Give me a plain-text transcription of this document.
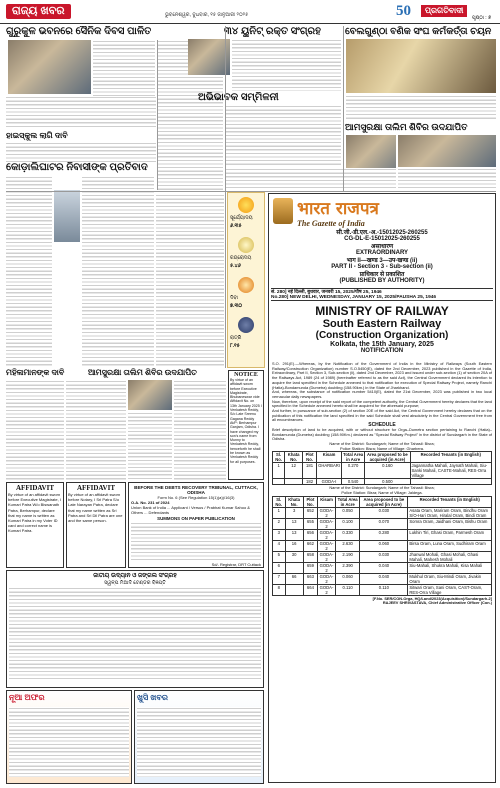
ରାଜ୍ୟ ଖବର	ଭୁବନେଶ୍ୱର, ବୁଧବାର, ୧୫ ଜାନୁଆରୀ ୨୦୨୫	50	ପ୍ରଗତିବାଦୀ
ପୃଷ୍ଠା : ୭
ଗୁରୁକୁଳ ଭବନରେ ସୈନିକ ଦିବସ ପାଳିତ	୩୪ ୟୁନିଟ୍ ରକ୍ତ ସଂଗ୍ରହ	ବେଲଗୁଣ୍ଠା ବଣିକ ସଂଘ କର୍ମକର୍ତ୍ତା ଚୟନ
ଅଭିଭାବକ ସମ୍ମିଳନୀ
ଆମସୁରକ୍ଷା ତାଲିମ ଶିବିର ଉଦଯାପିତ
ହାଇସ୍କୁଲ ଲାଗି ଦାବି
କୋଡ଼ାଲିଘାଟର ନିବାସୀଙ୍କ ପ୍ରତିବାଦ
ସୂର୍ଯ୍ୟୋଦୟ
୬.୩୫
ଚନ୍ଦ୍ରୋଦୟ
୫.୪୬
ଦିବା
୭.୩୦
ରାତ୍ରି
୮.୧୫
ମହିଳାମାନଙ୍କ ଦାବି	ଆମସୁରକ୍ଷା ତାଲିମ ଶିବିର ଉଦଯାପିତ	NOTICE
By virtue of an affidavit sworn before Executive Magistrate, Bhubaneswar vide Affidavit No. on 13th January 2025 I Venkatesh Reddy, S/o Late Sreenu Gagana Reddy At/P: Berhampur Ganjam, Odisha. I have changed my son's name from Munny to Venkatesh Reddy, henceforth he shall be known as Venkatesh Reddy for all purposes.
AFFIDAVIT
By virtue of an affidavit sworn before Executive Magistrate, I Kumari Patra W/o Biswanath Patra, Berhampur, declare that my name is written as Kumari Patra in my Voter ID card and correct name is Kumari Patra.
AFFIDAVIT
By virtue of an affidavit sworn before Notary, I Sri Patra S/o Late Narayan Patra, declare that my name written as Sri Patra and Sri Dil Patra are one and the same person.
BEFORE THE DEBTS RECOVERY TRIBUNAL, CUTTACK, ODISHA
Form No. 6 (See Regulation 15(1)(a))/16(3)
O.A. No. 231 of 2024
Union Bank of India ... Applicant / Versus / Prabhat Kumar Sahoo & Others ... Defendants
SUMMONS ON PAPER PUBLICATION
Sd/- Registrar, DRT Cuttack
ଜାତୀୟ ଉଦ୍ୟାନ ଓ ଜଙ୍ଗଲ ସଂଗ୍ରହ
ସ୍ୱଳ୍ପ ମିଆଦି ଟେଣ୍ଡର ବିଜ୍ଞପ୍ତି
ନୂଆ ଅଫର	ଖୁସି ଖବର
भारत राजपत्र
The Gazette of India
सी.जी.-डी.एल.-अ.-15012025-260255
CG-DL-E-15012025-260255
असाधारण
EXTRAORDINARY
भाग II—खण्ड 3—उप-खण्ड (ii)
PART II - Section 3 - Sub-section (ii)
प्राधिकार से प्रकाशित
(PUBLISHED BY AUTHORITY)
सं. 280] नई दिल्ली, बुधवार, जनवरी 15, 2025/पौष 25, 1946
No.280] NEW DELHI, WEDNESDAY, JANUARY 15, 2025/PAUSHA 25, 1946
MINISTRY OF RAILWAY
South Eastern Railway
(Construction Organization)
Kolkata, the 15th January, 2025
NOTIFICATION

S.O. 291(E).—Whereas, by the Notification of the Government of India in the Ministry of Railways (South Eastern Railway/Construction Organization) number S.O.5450(E), dated the 2nd December, 2023 published in the Gazette of India, Extraordinary, Part II, Section 3, Sub-section (ii), dated 2nd December, 2023 and issued under sub-section (1) of section 20A of the Railways Act, 1989 (24 of 1989) (hereinafter referred to as the said Act), the Central Government declared its intention to acquire the land specified in the Schedule annexed to that notification for execution of Special Railway Project, namely Ranchi (Hatia)-Bondamunda (Dumetra) doubling (158.90km.) in the State of Jharkhand.

And, whereas, the substance of notification number 5410(E), dated the 21st December, 2023 was published in two local vernacular daily newspapers.

Now, therefore, upon receipt of the said report of the competent authority, the Central Government hereby declares that the land specified in the Schedule annexed hereto shall be acquired for the aforesaid purpose;

And further, in pursuance of sub-section (2) of section 20E of the said Act, the Central Government hereby declares that on the publication of this notification the land specified in the said Schedule shall vest absolutely in the Central Government free from all encumbrances.

SCHEDULE

Brief description of land to be acquired, with or without structure for Orga–Dumetra section pertaining to Ranchi (Hatia)–Bondamunda (Dumetra) doubling (158.90Km.) declared as "Special Railway Project" in the district of Sundargarh in the State of Odisha.

Name of the District: Sundargarh; Name of the Tahasil: Bisra;
Police Station: Bisra; Name of Village: Gharbera.
Sl. No.	Khata No.	Plot No.	Kisam	Total Area in Acre	Area proposed to be acquired (in Acre)	Recorded Tenants (in English)
1	12	181	GHARBARI	0.270	0.160	Jagannatha Mahali, Jaynath Mahali, Siu-Sanki Mahali, CASTE-Mahali, RES-Orra Village
		182	GODA-I	0.540	0.500	
Name of the District: Sundargarh; Name of the Tahasil: Bisra;
Police Station: Bisra; Name of Village: Jaldega.
Sl. No.	Khata No.	Plot No.	Kisam	Total Area in Acre	Area proposed to be acquired (in Acre)	Recorded Tenants (in English)
1	3	652	GODA-2	0.050	0.030	Asata Oram, Mariram Oram, Bindhu Oram S/O-Hari Oram, Hiralal Oram, Bindi Oram
2	13	655	GODA-2	0.100	0.070	Somra Oram, Jaidhani Oram, Bishu Oram
3	13	656	GODA-2	0.330	0.280	Lukhin Tiri, Ghasi Oram, Parmesh Oram
4	16	662	GODA-2	2.630	0.060	Birsa Oram, Luna Oram, Sudhiram Oram
5	30	658	GODA-2	2.190	0.030	Jhanwal Mohali, Ghasi Mohali, Ghasi Mahali, Mahesh Mohali
6		659	GODA-2	2.390	0.040	Siu-Mahali, Shukra Mahali, Kisa Mahali
7	66	663	GODA-2	0.060	0.040	Mukhul Oram, Siu-Mindi Oram, Jivakin Oram
8		664	GODA-2	0.110	0.110	Sitwari Oram, Sani Oram, CAST-Oram, RES-Orra Village
[F.No. SER/CON-Orga, HQ/Land/2023(Acquisition)/Sundargarh-2]
RAJEEV SHRIVASTAVA, Chief Administrative Officer (Con.)
